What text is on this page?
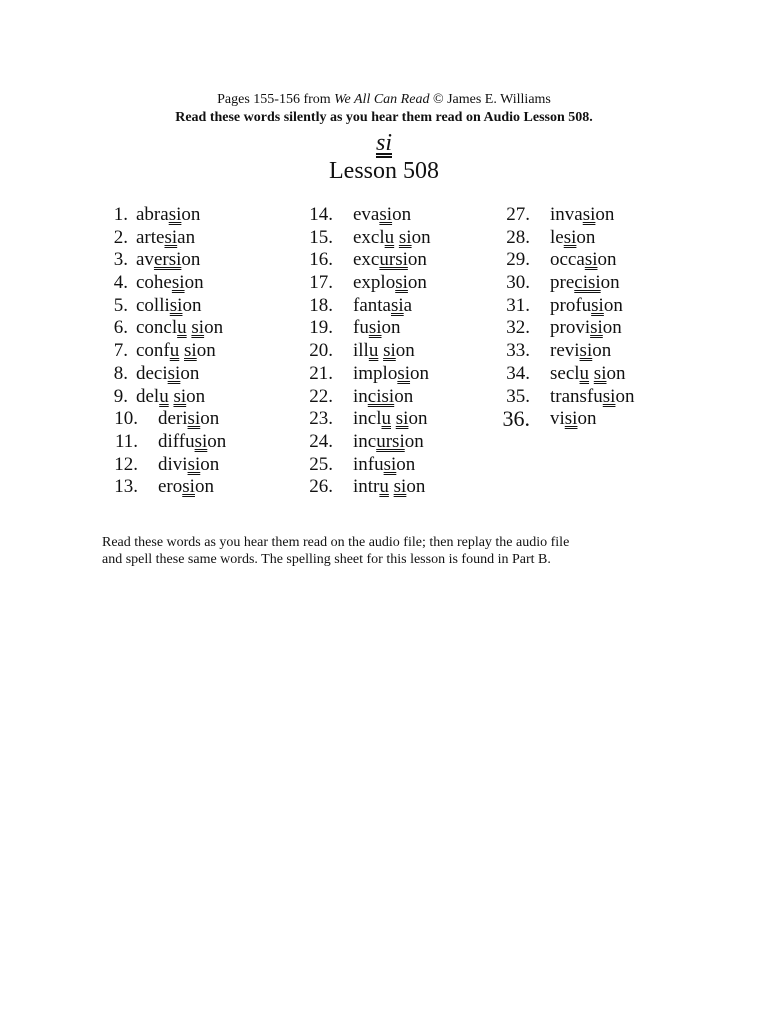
Pages 155-156 from We All Can Read © James E. Williams
Read these words silently as you hear them read on Audio Lesson 508.
si
Lesson 508
1. abrasion
2. artesian
3. aversion
4. cohesion
5. collision
6. conclu sion
7. confu sion
8. decision
9. delu sion
10. derision
11. diffusion
12. division
13. erosion
14. evasion
15. exclu sion
16. excursion
17. explosion
18. fantasia
19. fusion
20. illu sion
21. implosion
22. incision
23. inclu sion
24. incursion
25. infusion
26. intru sion
27. invasion
28. lesion
29. occasion
30. precision
31. profusion
32. provision
33. revision
34. seclu sion
35. transfusion
36. vision
Read these words as you hear them read on the audio file; then replay the audio file
and spell these same words. The spelling sheet for this lesson is found in Part B.
